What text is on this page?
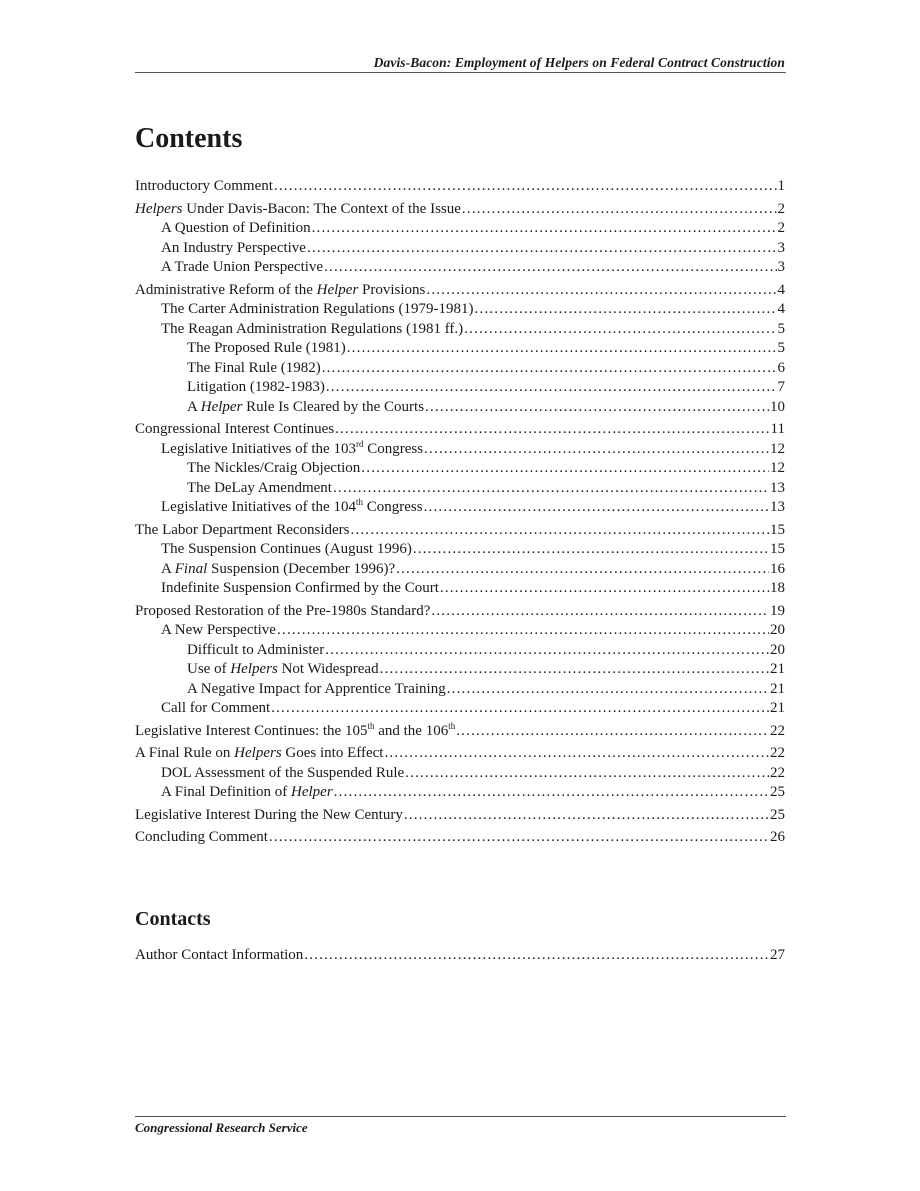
Davis-Bacon: Employment of Helpers on Federal Contract Construction
Contents
Introductory Comment .....	1
Helpers Under Davis-Bacon: The Context of the Issue .....	2
A Question of Definition .....	2
An Industry Perspective .....	3
A Trade Union Perspective .....	3
Administrative Reform of the Helper Provisions .....	4
The Carter Administration Regulations (1979-1981) .....	4
The Reagan Administration Regulations (1981 ff.) .....	5
The Proposed Rule (1981) .....	5
The Final Rule (1982) .....	6
Litigation (1982-1983) .....	7
A Helper Rule Is Cleared by the Courts .....	10
Congressional Interest Continues .....	11
Legislative Initiatives of the 103rd Congress .....	12
The Nickles/Craig Objection .....	12
The DeLay Amendment .....	13
Legislative Initiatives of the 104th Congress .....	13
The Labor Department Reconsiders .....	15
The Suspension Continues (August 1996) .....	15
A Final Suspension (December 1996)? .....	16
Indefinite Suspension Confirmed by the Court .....	18
Proposed Restoration of the Pre-1980s Standard? .....	19
A New Perspective .....	20
Difficult to Administer .....	20
Use of Helpers Not Widespread .....	21
A Negative Impact for Apprentice Training .....	21
Call for Comment .....	21
Legislative Interest Continues: the 105th and the 106th .....	22
A Final Rule on Helpers Goes into Effect .....	22
DOL Assessment of the Suspended Rule .....	22
A Final Definition of Helper .....	25
Legislative Interest During the New Century .....	25
Concluding Comment .....	26
Contacts
Author Contact Information .....	27
Congressional Research Service
